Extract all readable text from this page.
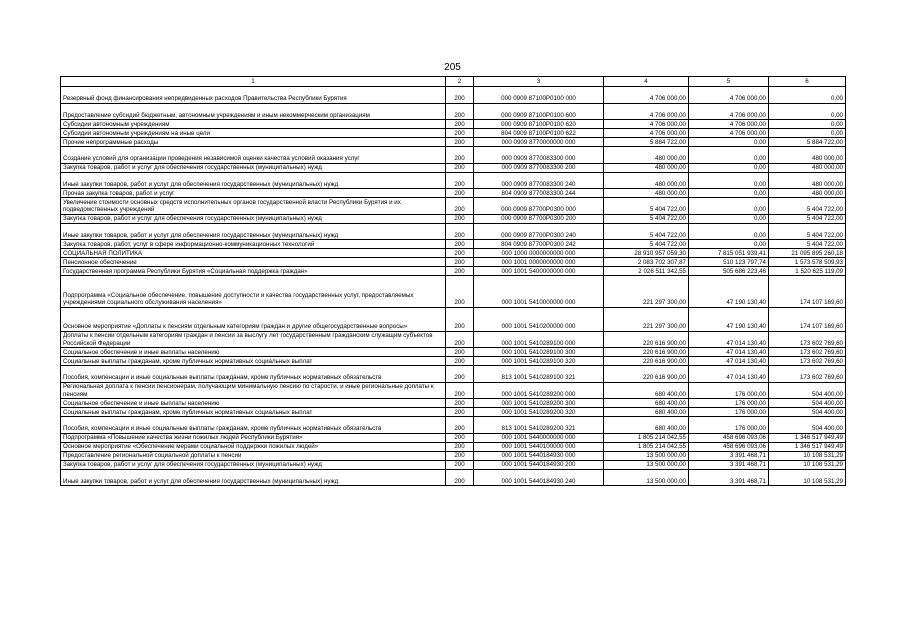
205
1	2	3	4	5	6
Резервный фонд финансирования непредвиденных расходов Правительства Республики Бурятия	200	000 0909 87100Р0100 000	4 706 000,00	4 706 000,00	0,00
Предоставление субсидий бюджетным, автономным учреждениям и иным некоммерческим организациям	200	000 0909 87100Р0100 600	4 706 000,00	4 706 000,00	0,00
Субсидии автономным учреждениям	200	000 0909 87100Р0100 620	4 706 000,00	4 706 000,00	0,00
Субсидии автономным учреждениям на иные цели	200	804 0909 87100Р0100 622	4 706 000,00	4 706 000,00	0,00
Прочие непрограммные расходы	200	000 0909 8770000000 000	5 884 722,00	0,00	5 884 722,00
Создание условий для организации проведения независимой оценки качества условий оказания услуг	200	000 0909 8770083300 000	480 000,00	0,00	480 000,00
Закупка товаров, работ и услуг для обеспечения государственных (муниципальных) нужд	200	000 0909 8770083300 200	480 000,00	0,00	480 000,00
Иные закупки товаров, работ и услуг для обеспечения государственных (муниципальных) нужд	200	000 0909 8770083300 240	480 000,00	0,00	480 000,00
Прочая закупка товаров, работ и услуг	200	804 0909 8770083300 244	480 000,00	0,00	480 000,00
Увеличение стоимости основных средств исполнительных органов государственной власти Республики Бурятия и их подведомственных учреждений	200	000 0909 87700Р0300 000	5 404 722,00	0,00	5 404 722,00
Закупка товаров, работ и услуг для обеспечения государственных (муниципальных) нужд	200	000 0909 87700Р0300 200	5 404 722,00	0,00	5 404 722,00
Иные закупки товаров, работ и услуг для обеспечения государственных (муниципальных) нужд	200	000 0909 87700Р0300 240	5 404 722,00	0,00	5 404 722,00
Закупка товаров, работ, услуг в сфере информационно-коммуникационных технологий	200	804 0909 87700Р0300 242	5 404 722,00	0,00	5 404 722,00
СОЦИАЛЬНАЯ ПОЛИТИКА	200	000 1000 0000000000 000	28 910 957 059,30	7 815 051 939,41	21 095 895 260,18
Пенсионное обеспечение	200	000 1001 0000000000 000	2 083 702 307,87	510 123 797,74	1 573 578 509,93
Государственная программа Республики Бурятия «Социальная поддержка граждан»	200	000 1001 5400000000 000	2 026 511 342,55	505 686 223,46	1 520 625 119,09
Подпрограмма «Социальное обеспечение, повышение доступности и качества государственных услуг, предоставляемых учреждениями социального обслуживания населения»	200	000 1001 5410000000 000	221 297 300,00	47 190 130,40	174 107 169,60
Основное мероприятие «Доплаты к пенсиям отдельным категориям граждан и другие общегосударственные вопросы»	200	000 1001 5410200000 000	221 297 300,00	47 190 130,40	174 107 169,60
Доплаты к пенсии отдельным категориям граждан и пенсии за выслугу лет государственным гражданским служащим субъектов Российской Федерации	200	000 1001 5410289100 000	220 616 900,00	47 014 130,40	173 602 769,60
Социальное обеспечение и иные выплаты населению	200	000 1001 5410289100 300	220 616 900,00	47 014 130,40	173 602 769,60
Социальные выплаты гражданам, кроме публичных нормативных социальных выплат	200	000 1001 5410289100 320	220 616 900,00	47 014 130,40	173 602 769,60
Пособия, компенсации и иные социальные выплаты гражданам, кроме публичных нормативных обязательств	200	813 1001 5410289100 321	220 616 900,00	47 014 130,40	173 602 769,60
Региональная доплата к пенсии пенсионерам, получающим минимальную пенсию по старости, и иные региональные доплаты к пенсиям	200	000 1001 5410289200 000	680 400,00	176 000,00	504 400,00
Социальное обеспечение и иные выплаты населению	200	000 1001 5410289200 300	680 400,00	176 000,00	504 400,00
Социальные выплаты гражданам, кроме публичных нормативных социальных выплат	200	000 1001 5410289200 320	680 400,00	176 000,00	504 400,00
Пособия, компенсации и иные социальные выплаты гражданам, кроме публичных нормативных обязательств	200	813 1001 5410289200 321	680 400,00	176 000,00	504 400,00
Подпрограмма «Повышение качества жизни пожилых людей Республики Бурятия»	200	000 1001 5440000000 000	1 805 214 042,55	458 696 093,06	1 346 517 949,49
Основное мероприятие «Обеспечение мерами социальной поддержки пожилых людей»	200	000 1001 5440100000 000	1 805 214 042,55	458 696 093,06	1 346 517 949,49
Предоставление региональной социальной доплаты к пенсии	200	000 1001 5440184930 000	13 500 000,00	3 391 468,71	10 108 531,29
Закупка товаров, работ и услуг для обеспечения государственных (муниципальных) нужд	200	000 1001 5440184930 200	13 500 000,00	3 391 468,71	10 108 531,29
Иные закупки товаров, работ и услуг для обеспечения государственных (муниципальных) нужд	200	000 1001 5440184930 240	13 500 000,00	3 391 468,71	10 108 531,29
